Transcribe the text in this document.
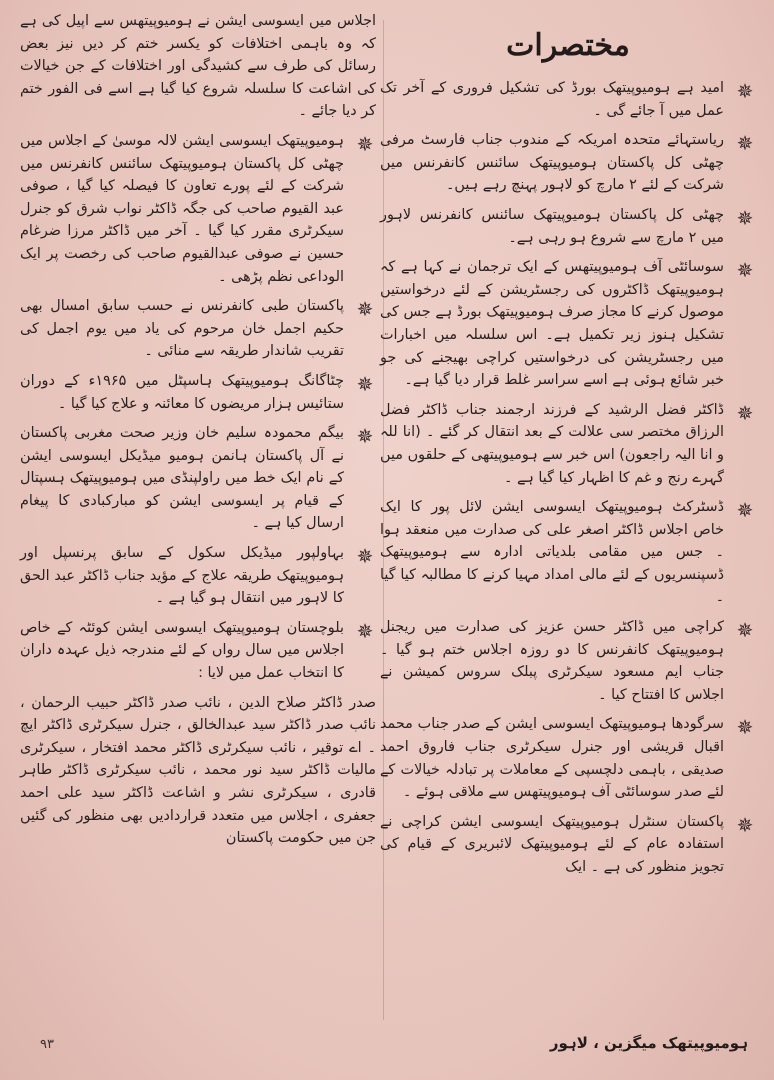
مختصرات
✵

امید ہے ہومیوپیتھک بورڈ کی تشکیل فروری کے آخر تک عمل میں آ جائے گی ۔

✵

ریاستہائے متحدہ امریکہ کے مندوب جناب فارسٹ مرفی چھٹی کل پاکستان ہومیوپیتھک سائنس کانفرنس میں شرکت کے لئے ۲ مارچ کو لاہور پہنچ رہے ہیں۔

✵

چھٹی کل پاکستان ہومیوپیتھک سائنس کانفرنس لاہور میں ۲ مارچ سے شروع ہو رہی ہے۔

✵

سوسائٹی آف ہومیوپیتھس کے ایک ترجمان نے کہا ہے کہ ہومیوپیتھک ڈاکٹروں کی رجسٹریشن کے لئے درخواستیں موصول کرنے کا مجاز صرف ہومیوپیتھک بورڈ ہے جس کی تشکیل ہنوز زیر تکمیل ہے۔ اس سلسلہ میں اخبارات میں رجسٹریشن کی درخواستیں کراچی بھیجنے کی جو خبر شائع ہوئی ہے اسے سراسر غلط قرار دیا گیا ہے۔

✵

ڈاکٹر فضل الرشید کے فرزند ارجمند جناب ڈاکٹر فضل الرزاق مختصر سی علالت کے بعد انتقال کر گئے ۔ (انا للہ و انا الیہ راجعون) اس خبر سے ہومیوپیتھی کے حلقوں میں گہرے رنج و غم کا اظہار کیا گیا ہے ۔

✵

ڈسٹرکٹ ہومیوپیتھک ایسوسی ایشن لائل پور کا ایک خاص اجلاس ڈاکٹر اصغر علی کی صدارت میں منعقد ہوا ۔ جس میں مقامی بلدیاتی ادارہ سے ہومیوپیتھک ڈسپنسریوں کے لئے مالی امداد مہیا کرنے کا مطالبہ کیا گیا ۔

✵

کراچی میں ڈاکٹر حسن عزیز کی صدارت میں ریجنل ہومیوپیتھک کانفرنس کا دو روزہ اجلاس ختم ہو گیا ۔ جناب ایم مسعود سیکرٹری پبلک سروس کمیشن نے اجلاس کا افتتاح کیا ۔

✵

سرگودھا ہومیوپیتھک ایسوسی ایشن کے صدر جناب محمد اقبال قریشی اور جنرل سیکرٹری جناب فاروق احمد صدیقی ، باہمی دلچسپی کے معاملات پر تبادلہ خیالات کے لئے صدر سوسائٹی آف ہومیوپیتھس سے ملاقی ہوئے ۔

✵

پاکستان سنٹرل ہومیوپیتھک ایسوسی ایشن کراچی نے استفادہ عام کے لئے ہومیوپیتھک لائبریری کے قیام کی تجویز منظور کی ہے ۔ ایک

اجلاس میں ایسوسی ایشن نے ہومیوپیتھس سے اپیل کی ہے کہ وہ باہمی اختلافات کو یکسر ختم کر دیں نیز بعض رسائل کی طرف سے کشیدگی اور اختلافات کے جن خیالات کی اشاعت کا سلسلہ شروع کیا گیا ہے اسے فی الفور ختم کر دیا جائے ۔

✵

ہومیوپیتھک ایسوسی ایشن لالہ موسیٰ کے اجلاس میں چھٹی کل پاکستان ہومیوپیتھک سائنس کانفرنس میں شرکت کے لئے پورے تعاون کا فیصلہ کیا گیا ، صوفی عبد القیوم صاحب کی جگہ ڈاکٹر نواب شرق کو جنرل سیکرٹری مقرر کیا گیا ۔ آخر میں ڈاکٹر مرزا ضرغام حسین نے صوفی عبدالقیوم صاحب کی رخصت پر ایک الوداعی نظم پڑھی ۔

✵

پاکستان طبی کانفرنس نے حسب سابق امسال بھی حکیم اجمل خان مرحوم کی یاد میں یوم اجمل کی تقریب شاندار طریقہ سے منائی ۔

✵

چٹاگانگ ہومیوپیتھک ہاسپٹل میں ۱۹۶۵ء کے دوران ستائیس ہزار مریضوں کا معائنہ و علاج کیا گیا ۔

✵

بیگم محمودہ سلیم خان وزیر صحت مغربی پاکستان نے آل پاکستان ہانمن ہومیو میڈیکل ایسوسی ایشن کے نام ایک خط میں راولپنڈی میں ہومیوپیتھک ہسپتال کے قیام پر ایسوسی ایشن کو مبارکبادی کا پیغام ارسال کیا ہے ۔

✵

بہاولپور میڈیکل سکول کے سابق پرنسپل اور ہومیوپیتھک طریقہ علاج کے مؤید جناب ڈاکٹر عبد الحق کا لاہور میں انتقال ہو گیا ہے ۔

✵

بلوچستان ہومیوپیتھک ایسوسی ایشن کوئٹہ کے خاص اجلاس میں سال رواں کے لئے مندرجہ ذیل عہدہ داران کا انتخاب عمل میں لایا :

صدر ڈاکٹر صلاح الدین ، نائب صدر ڈاکٹر حبیب الرحمان ، نائب صدر ڈاکٹر سید عبدالخالق ، جنرل سیکرٹری ڈاکٹر ایچ ۔ اے توقیر ، نائب سیکرٹری ڈاکٹر محمد افتخار ، سیکرٹری مالیات ڈاکٹر سید نور محمد ، نائب سیکرٹری ڈاکٹر طاہر قادری ، سیکرٹری نشر و اشاعت ڈاکٹر سید علی احمد جعفری ، اجلاس میں متعدد قراردادیں بھی منظور کی گئیں جن میں حکومت پاکستان

ہومیوپیتھک میگزین ، لاہور
۹۳
